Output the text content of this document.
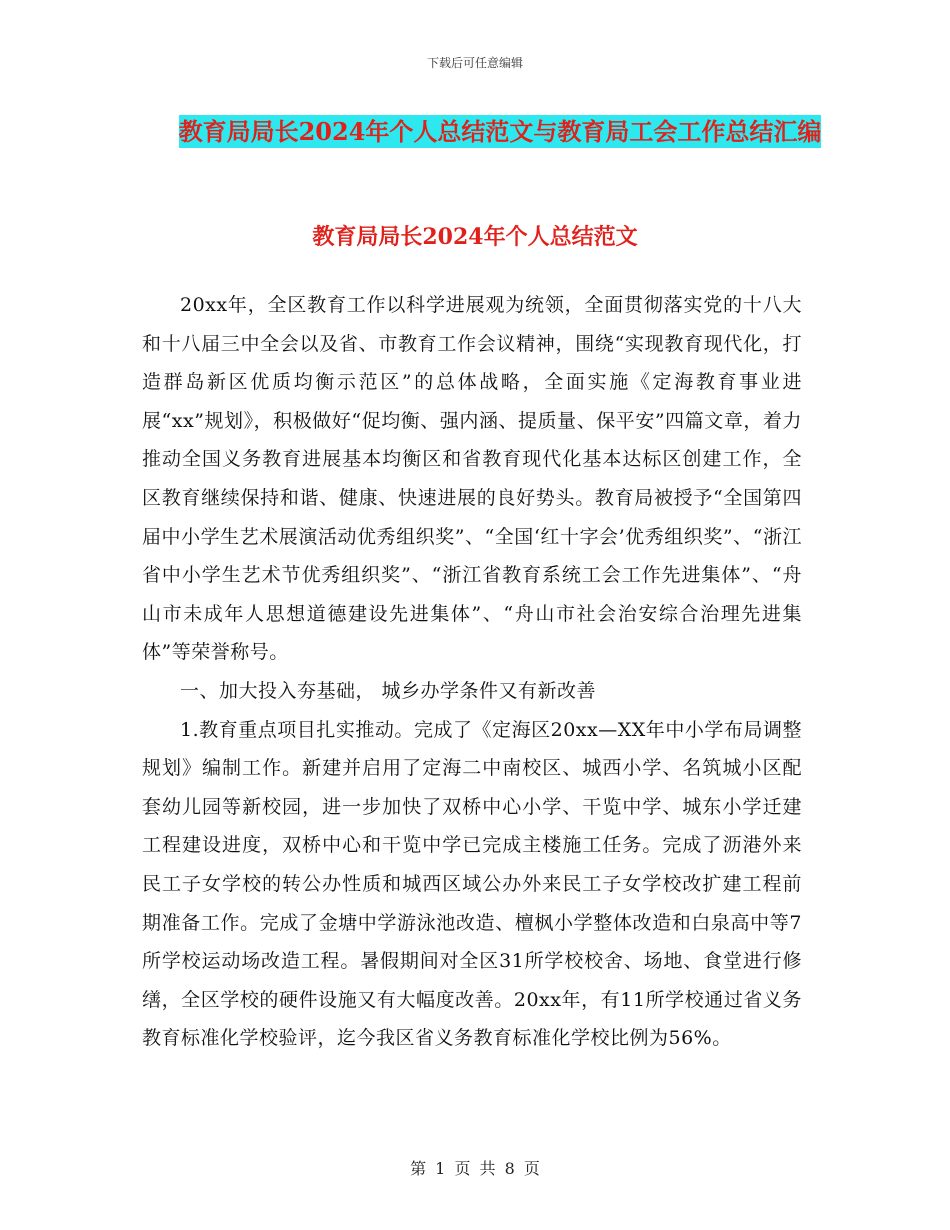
下载后可任意编辑
教育局局长2024年个人总结范文与教育局工会工作总结汇编
教育局局长2024年个人总结范文

20xx年，全区教育工作以科学进展观为统领，全面贯彻落实党的十八大和十八届三中全会以及省、市教育工作会议精神，围绕“实现教育现代化，打造群岛新区优质均衡示范区”的总体战略，全面实施《定海教育事业进展“xx”规划》，积极做好“促均衡、强内涵、提质量、保平安”四篇文章，着力推动全国义务教育进展基本均衡区和省教育现代化基本达标区创建工作，全区教育继续保持和谐、健康、快速进展的良好势头。教育局被授予“全国第四届中小学生艺术展演活动优秀组织奖”、“全国‘红十字会’优秀组织奖”、“浙江省中小学生艺术节优秀组织奖”、“浙江省教育系统工会工作先进集体”、“舟山市未成年人思想道德建设先进集体”、“舟山市社会治安综合治理先进集体”等荣誉称号。

一、加大投入夯基础， 城乡办学条件又有新改善

1.教育重点项目扎实推动。完成了《定海区20xx—XX年中小学布局调整规划》编制工作。新建并启用了定海二中南校区、城西小学、名筑城小区配套幼儿园等新校园，进一步加快了双桥中心小学、干览中学、城东小学迁建工程建设进度，双桥中心和干览中学已完成主楼施工任务。完成了沥港外来民工子女学校的转公办性质和城西区域公办外来民工子女学校改扩建工程前期准备工作。完成了金塘中学游泳池改造、檀枫小学整体改造和白泉高中等7所学校运动场改造工程。暑假期间对全区31所学校校舍、场地、食堂进行修缮，全区学校的硬件设施又有大幅度改善。20xx年，有11所学校通过省义务教育标准化学校验评，迄今我区省义务教育标准化学校比例为56%。

第 1 页 共 8 页
